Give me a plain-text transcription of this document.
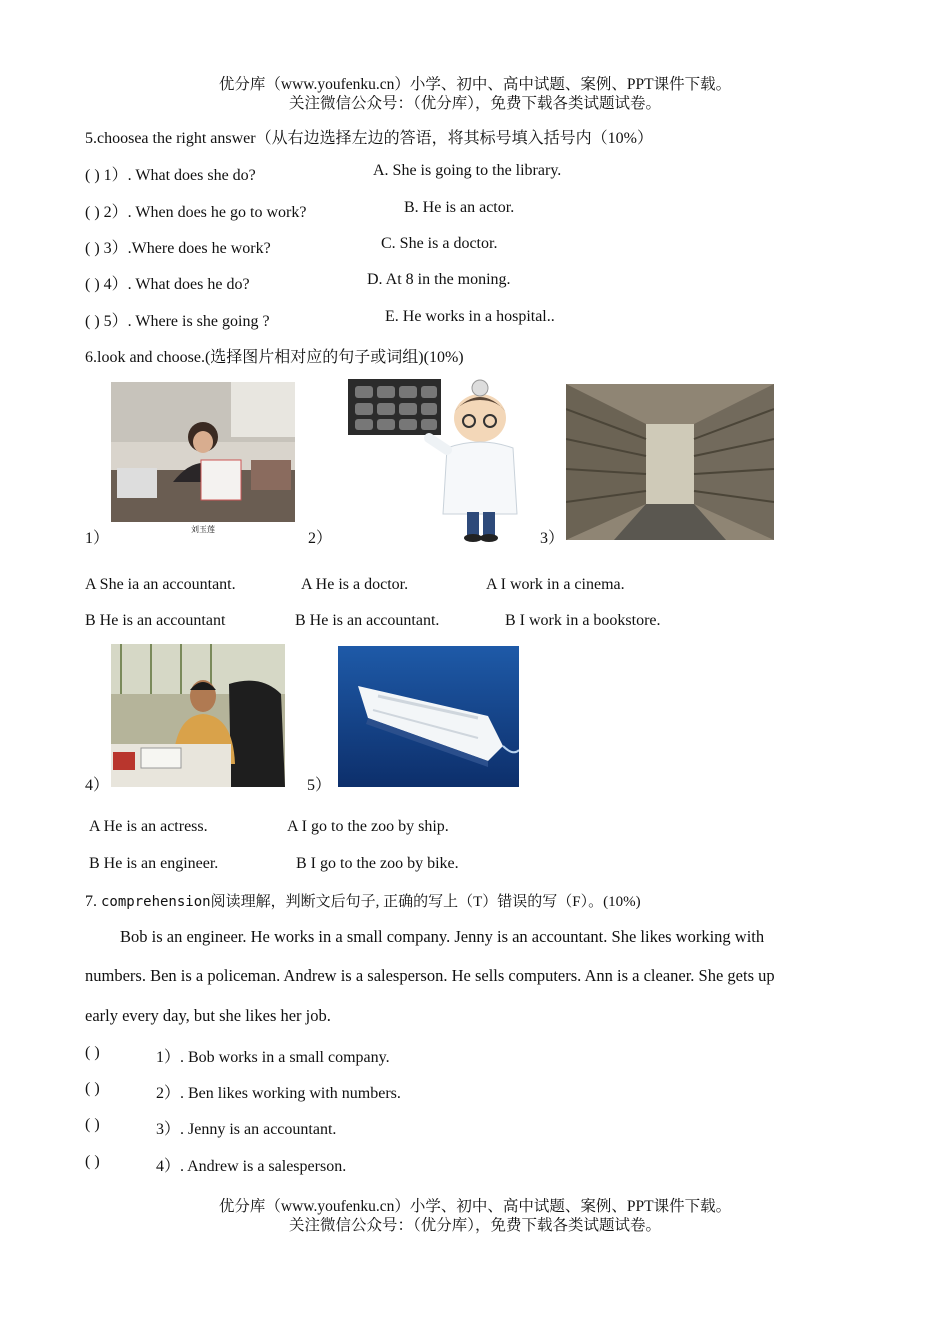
优分库（www.youfenku.cn）小学、初中、高中试题、案例、PPT课件下载。
关注微信公众号：（优分库），免费下载各类试题试卷。
5.choosea the right answer（从右边选择左边的答语，将其标号填入括号内（10%）
( ) 1）. What does she do?	A. She is going to the library.
( ) 2）. When does he go to work?	B. He is an actor.
( ) 3）.Where does he work?	C. She is a doctor.
( ) 4）. What does he do?	D. At 8 in the moning.
( ) 5）. Where is she going ?	E. He works in a hospital..
6.look and choose.(选择图片相对应的句子或词组)(10%)
刘玉莲
1）	2）	3）
A She ia an accountant.	A He is a doctor.	A I work in a cinema.
B He is an accountant	B He is an accountant.	B I work in a bookstore.
4）	5）
A He is an actress.	A I go to the zoo by ship.
B He is an engineer.	B I go to the zoo by bike.
7. comprehension阅读理解，判断文后句子, 正确的写上（T）错误的写（F）。(10%)
Bob is an engineer. He works in a small company. Jenny is an accountant. She likes working with
numbers. Ben is a policeman. Andrew is a salesperson. He sells computers. Ann is a cleaner. She gets up
early every day, but she likes her job.
( )	1）. Bob works in a small company.
( )	2）. Ben likes working with numbers.
( )	3）. Jenny is an accountant.
( )	4）. Andrew is a salesperson.
优分库（www.youfenku.cn）小学、初中、高中试题、案例、PPT课件下载。
关注微信公众号：（优分库），免费下载各类试题试卷。
